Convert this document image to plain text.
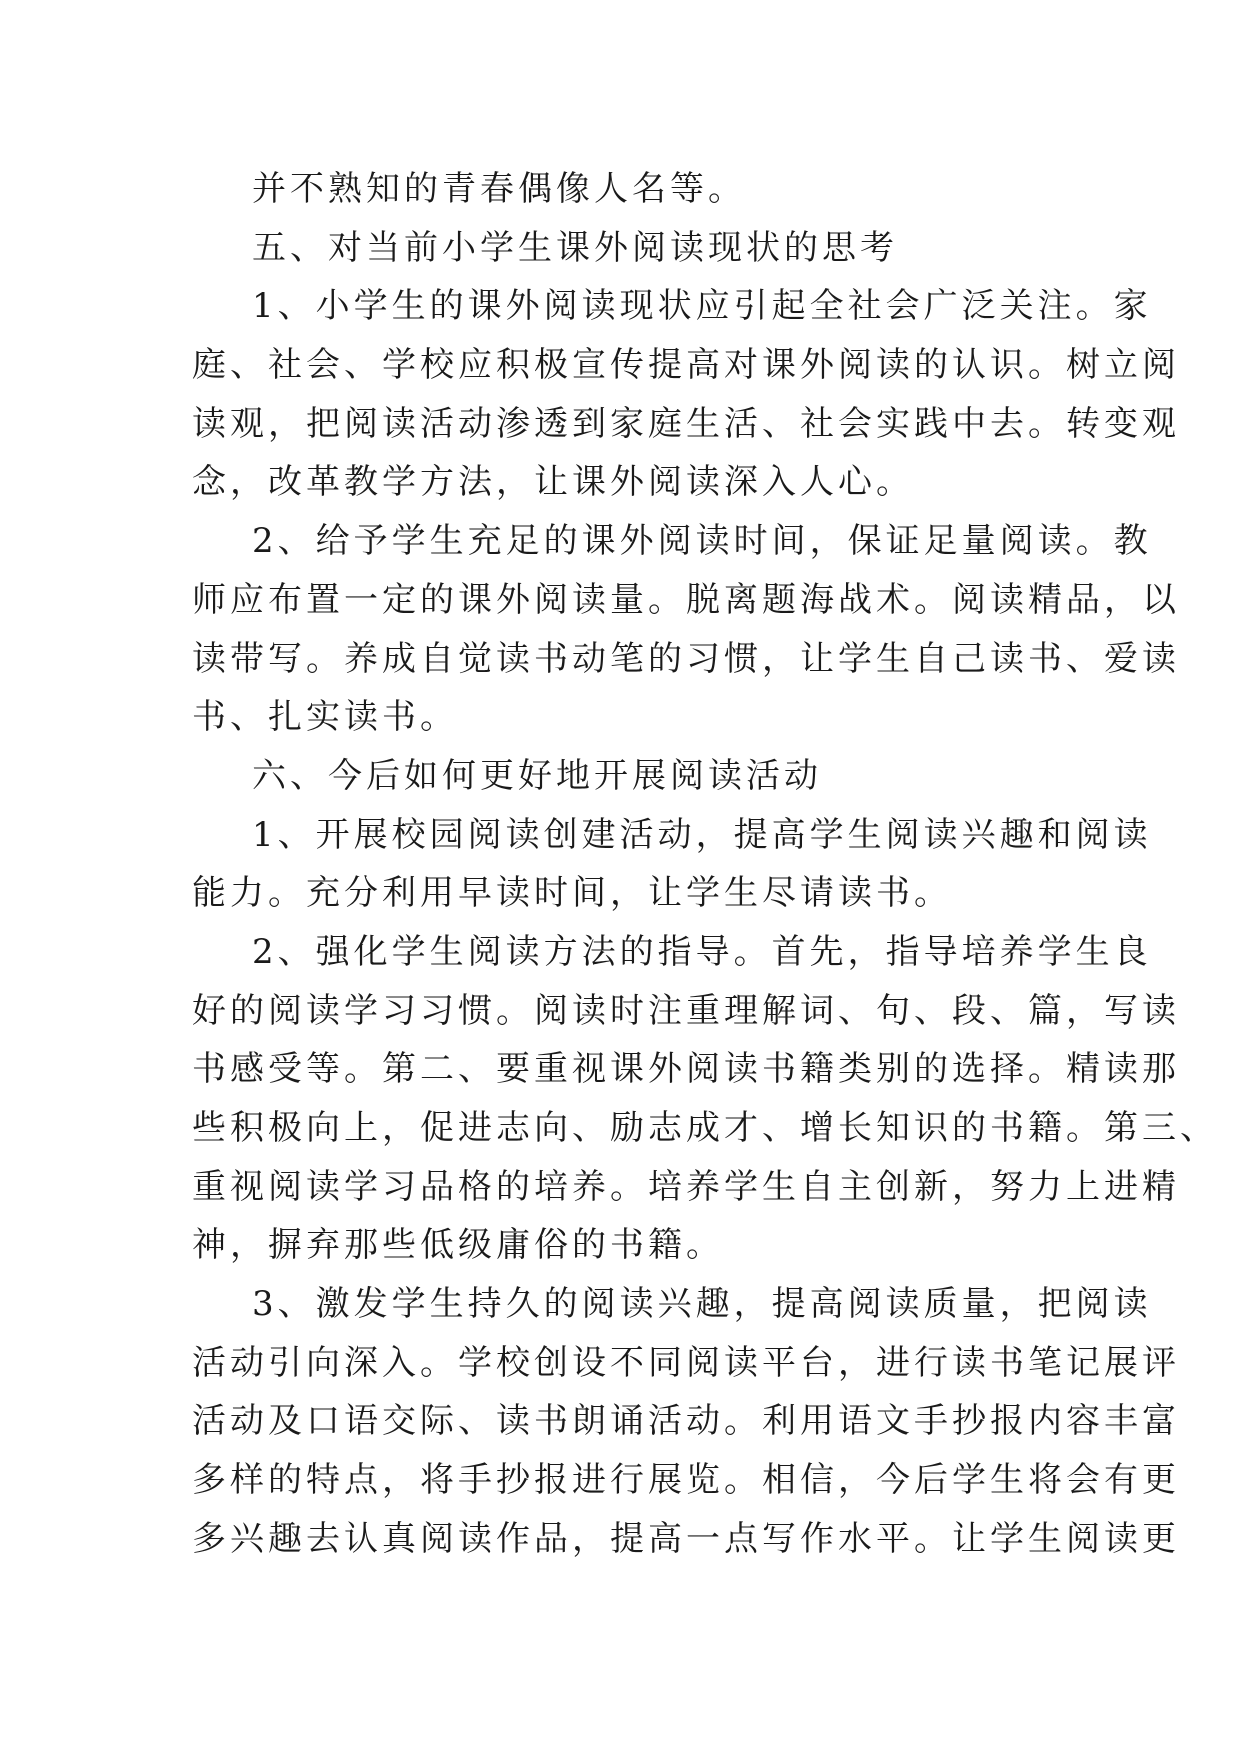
并不熟知的青春偶像人名等。
五、对当前小学生课外阅读现状的思考
1、小学生的课外阅读现状应引起全社会广泛关注。家
庭、社会、学校应积极宣传提高对课外阅读的认识。树立阅
读观，把阅读活动渗透到家庭生活、社会实践中去。转变观
念，改革教学方法，让课外阅读深入人心。
2、给予学生充足的课外阅读时间，保证足量阅读。教
师应布置一定的课外阅读量。脱离题海战术。阅读精品，以
读带写。养成自觉读书动笔的习惯，让学生自己读书、爱读
书、扎实读书。
六、今后如何更好地开展阅读活动
1、开展校园阅读创建活动，提高学生阅读兴趣和阅读
能力。充分利用早读时间，让学生尽请读书。
2、强化学生阅读方法的指导。首先，指导培养学生良
好的阅读学习习惯。阅读时注重理解词、句、段、篇，写读
书感受等。第二、要重视课外阅读书籍类别的选择。精读那
些积极向上，促进志向、励志成才、增长知识的书籍。第三、
重视阅读学习品格的培养。培养学生自主创新，努力上进精
神，摒弃那些低级庸俗的书籍。
3、激发学生持久的阅读兴趣，提高阅读质量，把阅读
活动引向深入。学校创设不同阅读平台，进行读书笔记展评
活动及口语交际、读书朗诵活动。利用语文手抄报内容丰富
多样的特点，将手抄报进行展览。相信，今后学生将会有更
多兴趣去认真阅读作品，提高一点写作水平。让学生阅读更
